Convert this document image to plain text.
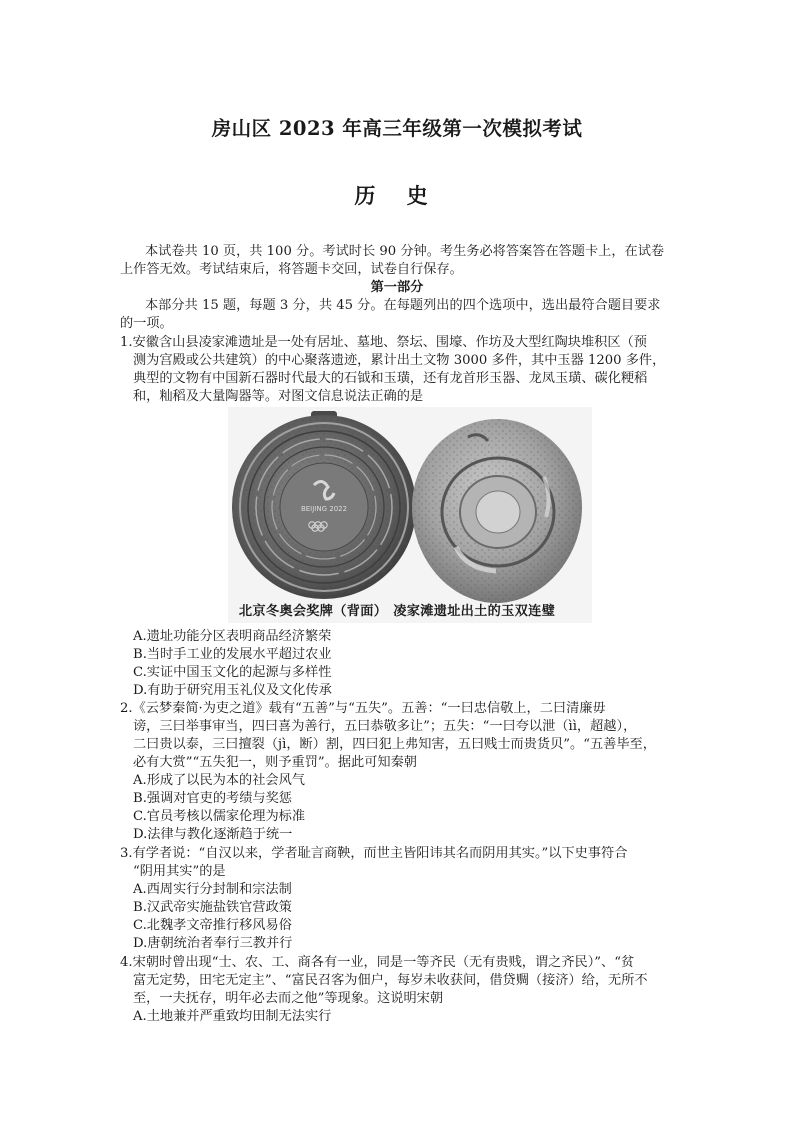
房山区 2023 年高三年级第一次模拟考试
历 史
本试卷共 10 页，共 100 分。考试时长 90 分钟。考生务必将答案答在答题卡上，在试卷
上作答无效。考试结束后，将答题卡交回，试卷自行保存。
第一部分
本部分共 15 题，每题 3 分，共 45 分。在每题列出的四个选项中，选出最符合题目要求
的一项。
1.安徽含山县凌家滩遗址是一处有居址、墓地、祭坛、围壕、作坊及大型红陶块堆积区（预
测为宫殿或公共建筑）的中心聚落遗迹，累计出土文物 3000 多件，其中玉器 1200 多件，
典型的文物有中国新石器时代最大的石钺和玉璜，还有龙首形玉器、龙凤玉璜、碳化粳稻
和，籼稻及大量陶器等。对图文信息说法正确的是
BEIJING 2022
北京冬奥会奖牌（背面） 凌家滩遗址出土的玉双连璧
A.遗址功能分区表明商品经济繁荣
B.当时手工业的发展水平超过农业
C.实证中国玉文化的起源与多样性
D.有助于研究用玉礼仪及文化传承
2.《云梦秦简·为吏之道》载有“五善”与“五失”。五善：“一曰忠信敬上，二曰清廉毋
谤，三曰举事审当，四曰喜为善行，五曰恭敬多让”；五失：“一曰夸以泄（ìì，超越），
二曰贵以泰，三曰擅裂（jì，断）割，四曰犯上弗知害，五曰贱士而贵货贝”。“五善毕至，
必有大赏”“五失犯一，则予重罚”。据此可知秦朝
A.形成了以民为本的社会风气
B.强调对官吏的考绩与奖惩
C.官员考核以儒家伦理为标准
D.法律与教化逐渐趋于统一
3.有学者说：“自汉以来，学者耻言商鞅，而世主皆阳讳其名而阴用其实。”以下史事符合
“阴用其实”的是
A.西周实行分封制和宗法制
B.汉武帝实施盐铁官营政策
C.北魏孝文帝推行移风易俗
D.唐朝统治者奉行三教并行
4.宋朝时曾出现“士、农、工、商各有一业，同是一等齐民（无有贵贱，谓之齐民）”、“贫
富无定势，田宅无定主”、“富民召客为佃户，每岁未收获间，借贷赒（接济）给，无所不
至，一夫抚存，明年必去而之他”等现象。这说明宋朝
A.土地兼并严重致均田制无法实行
